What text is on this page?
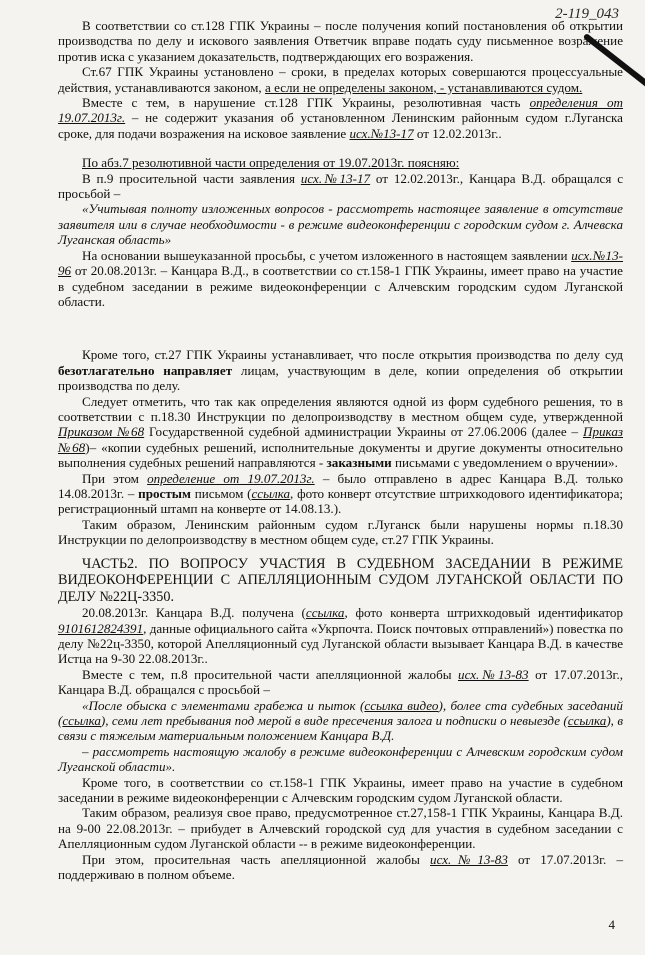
2-119_043

В соответствии со ст.128 ГПК Украины – после получения копий постановления об открытии производства по делу и искового заявления Ответчик вправе подать суду письменное возражение против иска с указанием доказательств, подтверждающих его возражения.

Ст.67 ГПК Украины установлено – сроки, в пределах которых совершаются процессуальные действия, устанавливаются законом, а если не определены законом, - устанавливаются судом.

Вместе с тем, в нарушение ст.128 ГПК Украины, резолютивная часть определения от 19.07.2013г. – не содержит указания об установленном Ленинским районным судом г.Луганска сроке, для подачи возражения на исковое заявление исх.№13-17 от 12.02.2013г..

По абз.7 резолютивной части определения от 19.07.2013г. поясняю:

В п.9 просительной части заявления исх.№13-17 от 12.02.2013г., Канцара В.Д. обращался с просьбой –

«Учитывая полноту изложенных вопросов - рассмотреть настоящее заявление в отсутствие заявителя или в случае необходимости - в режиме видеоконференции с городским судом г. Алчевска Луганская область»

На основании вышеуказанной просьбы, с учетом изложенного в настоящем заявлении исх.№13-96 от 20.08.2013г. – Канцара В.Д., в соответствии со ст.158-1 ГПК Украины, имеет право на участие в судебном заседании в режиме видеоконференции с Алчевским городским судом Луганской области.

Кроме того, ст.27 ГПК Украины устанавливает, что после открытия производства по делу суд безотлагательно направляет лицам, участвующим в деле, копии определения об открытии производства по делу.

Следует отметить, что так как определения являются одной из форм судебного решения, то в соответствии с п.18.30 Инструкции по делопроизводству в местном общем суде, утвержденной Приказом №68 Государственной судебной администрации Украины от 27.06.2006 (далее – Приказ №68)– «копии судебных решений, исполнительные документы и другие документы относительно выполнения судебных решений направляются - заказными письмами с уведомлением о вручении».

При этом определение от 19.07.2013г. – было отправлено в адрес Канцара В.Д. только 14.08.2013г. – простым письмом (ссылка, фото конверт отсутствие штрихкодового идентификатора; регистрационный штамп на конверте от 14.08.13.).

Таким образом, Ленинским районным судом г.Луганск были нарушены нормы п.18.30 Инструкции по делопроизводству в местном общем суде, ст.27 ГПК Украины.

ЧАСТЬ2. ПО ВОПРОСУ УЧАСТИЯ В СУДЕБНОМ ЗАСЕДАНИИ В РЕЖИМЕ ВИДЕОКОНФЕРЕНЦИИ С АПЕЛЛЯЦИОННЫМ СУДОМ ЛУГАНСКОЙ ОБЛАСТИ ПО ДЕЛУ №22Ц-3350.

20.08.2013г. Канцара В.Д. получена (ссылка, фото конверта штрихкодовый идентификатор 9101612824391, данные официального сайта «Укрпочта. Поиск почтовых отправлений») повестка по делу №22ц-3350, которой Апелляционный суд Луганской области вызывает Канцара В.Д. в качестве Истца на 9-30 22.08.2013г..

Вместе с тем, п.8 просительной части апелляционной жалобы исх.№13-83 от 17.07.2013г., Канцара В.Д. обращался с просьбой –

«После обыска с элементами грабежа и пыток (ссылка видео), более ста судебных заседаний (ссылка), семи лет пребывания под мерой в виде пресечения залога и подписки о невыезде (ссылка), в связи с тяжелым материальным положением Канцара В.Д.

– рассмотреть настоящую жалобу в режиме видеоконференции с Алчевским городским судом Луганской области».

Кроме того, в соответствии со ст.158-1 ГПК Украины, имеет право на участие в судебном заседании в режиме видеоконференции с Алчевским городским судом Луганской области.

Таким образом, реализуя свое право, предусмотренное ст.27,158-1 ГПК Украины, Канцара В.Д. на 9-00 22.08.2013г. – прибудет в Алчевский городской суд для участия в судебном заседании с Апелляционным судом Луганской области -- в режиме видеоконференции.

При этом, просительная часть апелляционной жалобы исх.№13-83 от 17.07.2013г. – поддерживаю в полном объеме.

4
